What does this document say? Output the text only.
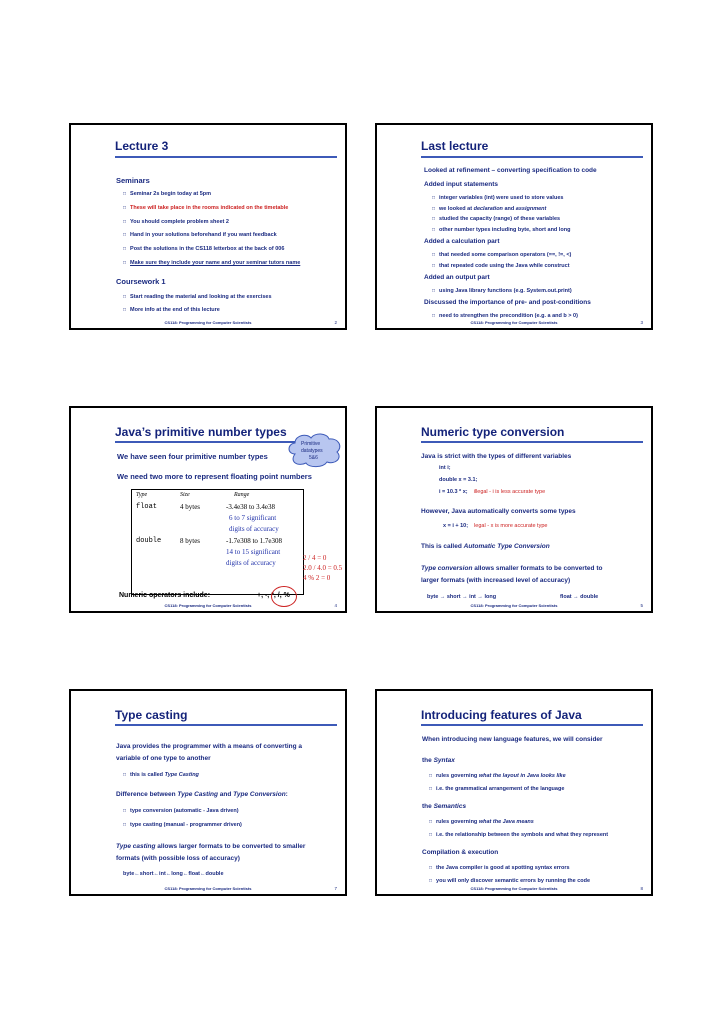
Lecture 3
Seminars
□ Seminar 2s begin today at 5pm
□ These will take place in the rooms indicated on the timetable
□ You should complete problem sheet 2
□ Hand in your solutions beforehand if you want feedback
□ Post the solutions in the CS118 letterbox at the back of 006
□ Make sure they include your name and your seminar tutors name
Coursework 1
□ Start reading the material and looking at the exercises
□ More info at the end of this lecture
CS118: Programming for Computer Scientists	2
Last lecture
Looked at refinement – converting specification to code
Added input statements
□ integer variables (int) were used to store values
□ we looked at declaration and assignment
□ studied the capacity (range) of these variables
□ other number types including byte, short and long
Added a calculation part
□ that needed some comparison operators (==, !=, <)
□ that repeated code using the Java while construct
Added an output part
□ using Java library functions (e.g. System.out.print)
Discussed the importance of pre- and post-conditions
□ need to strengthen the precondition (e.g. a and b > 0)
CS118: Programming for Computer Scientists	3
Java’s primitive number types
Primitive
datatypes
5&6
We have seen four primitive number types
We need two more to represent floating point numbers
Type	Size	Range
float	4 bytes	-3.4e38 to 3.4e38
6 to 7 significant
digits of accuracy
double	8 bytes	-1.7e308 to 1.7e308
14 to 15 significant
digits of accuracy
2 / 4 = 0
2.0 / 4.0 = 0.5
4 % 2 = 0
Numeric operators include:	+, -, *, /, %
CS118: Programming for Computer Scientists	4
Numeric type conversion
Java is strict with the types of different variables
int i;
double x = 3.1;
i = 10.3 * x; illegal - i is less accurate type
However, Java automatically converts some types
x = i + 10; legal - x is more accurate type
This is called Automatic Type Conversion
Type conversion allows smaller formats to be converted to
larger formats (with increased level of accuracy)
byte → short → int → long	float → double
CS118: Programming for Computer Scientists	5
Type casting
Java provides the programmer with a means of converting a
variable of one type to another
□ this is called Type Casting
Difference between Type Casting and Type Conversion:
□ type conversion (automatic - Java driven)
□ type casting (manual - programmer driven)
Type casting allows larger formats to be converted to smaller
formats (with possible loss of accuracy)
byte←short←int←long←float←double
CS118: Programming for Computer Scientists	7
Introducing features of Java
When introducing new language features, we will consider
the Syntax
□ rules governing what the layout in Java looks like
□ i.e. the grammatical arrangement of the language
the Semantics
□ rules governing what the Java means
□ i.e. the relationship between the symbols and what they represent
Compilation & execution
□ the Java compiler is good at spotting syntax errors
□ you will only discover semantic errors by running the code
CS118: Programming for Computer Scientists	8
